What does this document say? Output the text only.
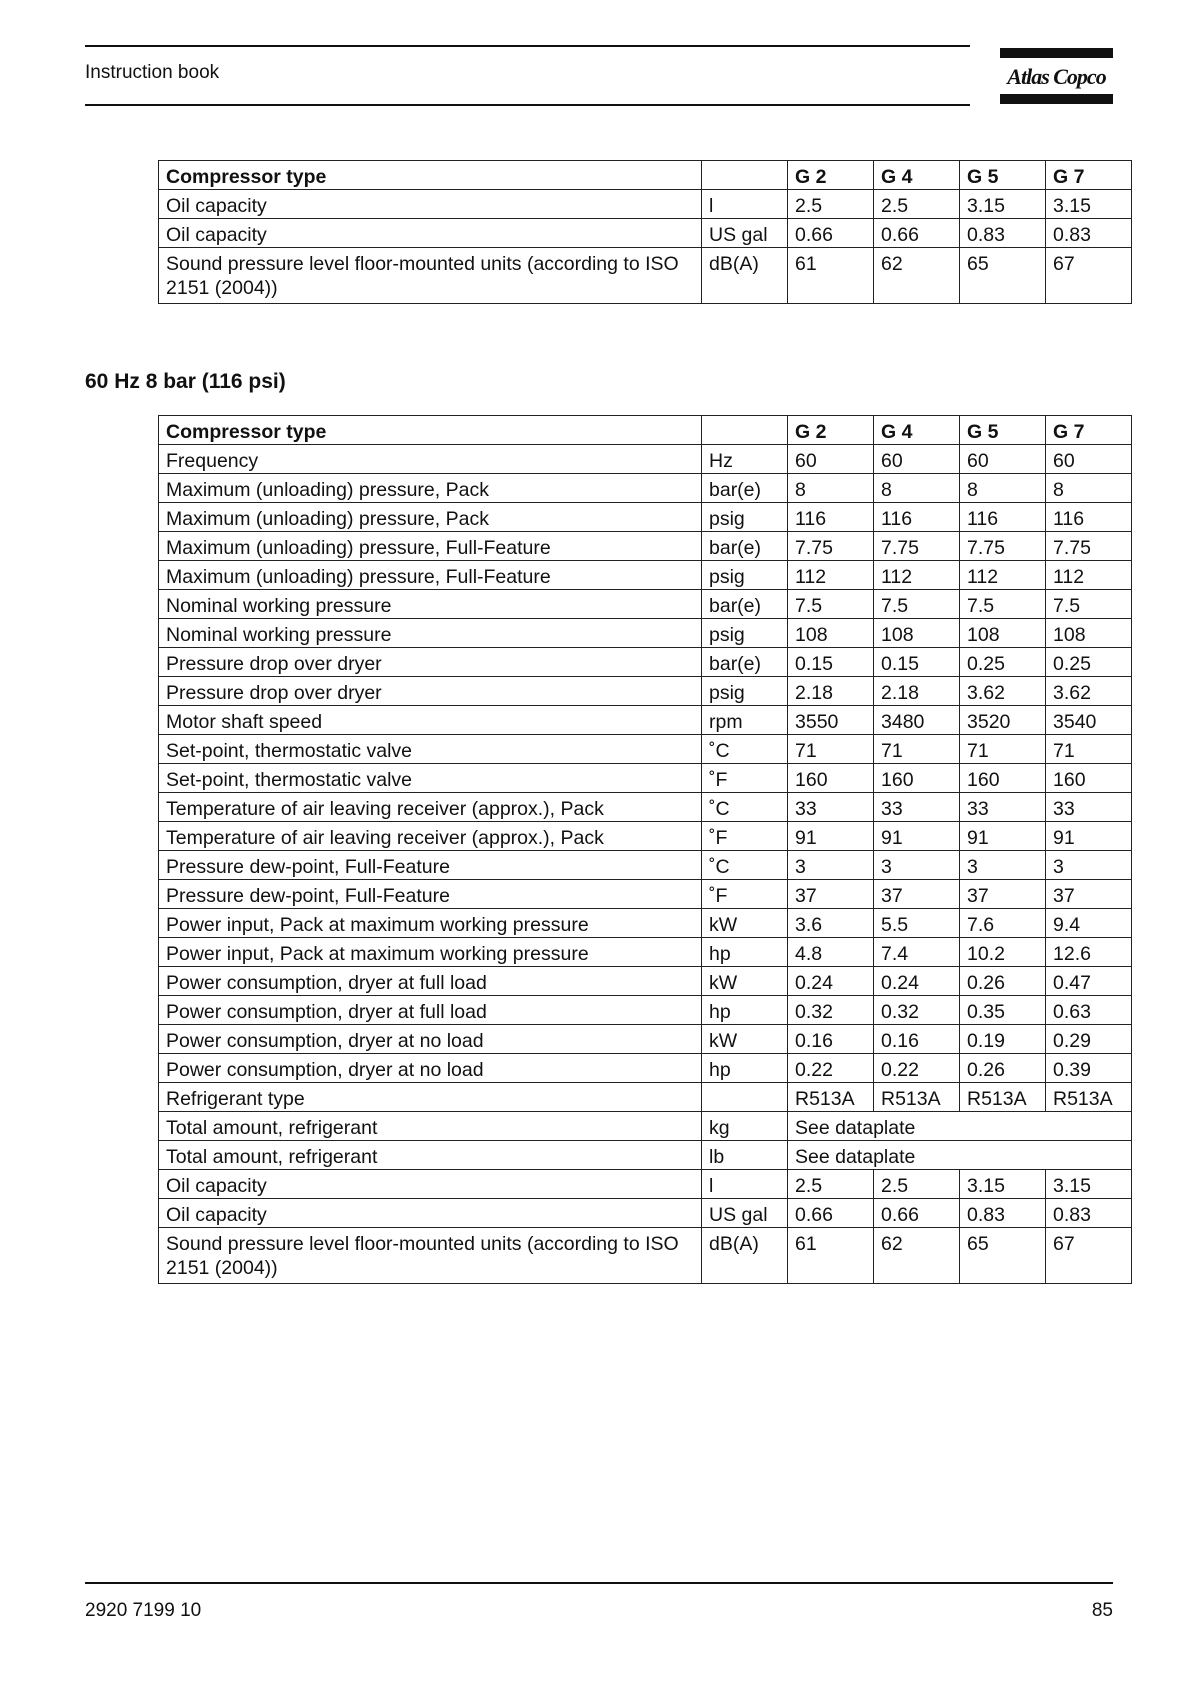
Instruction book	Atlas Copco
Compressor type		G 2	G 4	G 5	G 7
Oil capacity	l	2.5	2.5	3.15	3.15
Oil capacity	US gal	0.66	0.66	0.83	0.83
Sound pressure level floor-mounted units (according to ISO 2151 (2004))	dB(A)	61	62	65	67
60 Hz 8 bar (116 psi)
Compressor type		G 2	G 4	G 5	G 7
Frequency	Hz	60	60	60	60
Maximum (unloading) pressure, Pack	bar(e)	8	8	8	8
Maximum (unloading) pressure, Pack	psig	116	116	116	116
Maximum (unloading) pressure, Full-Feature	bar(e)	7.75	7.75	7.75	7.75
Maximum (unloading) pressure, Full-Feature	psig	112	112	112	112
Nominal working pressure	bar(e)	7.5	7.5	7.5	7.5
Nominal working pressure	psig	108	108	108	108
Pressure drop over dryer	bar(e)	0.15	0.15	0.25	0.25
Pressure drop over dryer	psig	2.18	2.18	3.62	3.62
Motor shaft speed	rpm	3550	3480	3520	3540
Set-point, thermostatic valve	˚C	71	71	71	71
Set-point, thermostatic valve	˚F	160	160	160	160
Temperature of air leaving receiver (approx.), Pack	˚C	33	33	33	33
Temperature of air leaving receiver (approx.), Pack	˚F	91	91	91	91
Pressure dew-point, Full-Feature	˚C	3	3	3	3
Pressure dew-point, Full-Feature	˚F	37	37	37	37
Power input, Pack at maximum working pressure	kW	3.6	5.5	7.6	9.4
Power input, Pack at maximum working pressure	hp	4.8	7.4	10.2	12.6
Power consumption, dryer at full load	kW	0.24	0.24	0.26	0.47
Power consumption, dryer at full load	hp	0.32	0.32	0.35	0.63
Power consumption, dryer at no load	kW	0.16	0.16	0.19	0.29
Power consumption, dryer at no load	hp	0.22	0.22	0.26	0.39
Refrigerant type		R513A	R513A	R513A	R513A
Total amount, refrigerant	kg	See dataplate			
Total amount, refrigerant	lb	See dataplate			
Oil capacity	l	2.5	2.5	3.15	3.15
Oil capacity	US gal	0.66	0.66	0.83	0.83
Sound pressure level floor-mounted units (according to ISO 2151 (2004))	dB(A)	61	62	65	67
2920 7199 10	85
